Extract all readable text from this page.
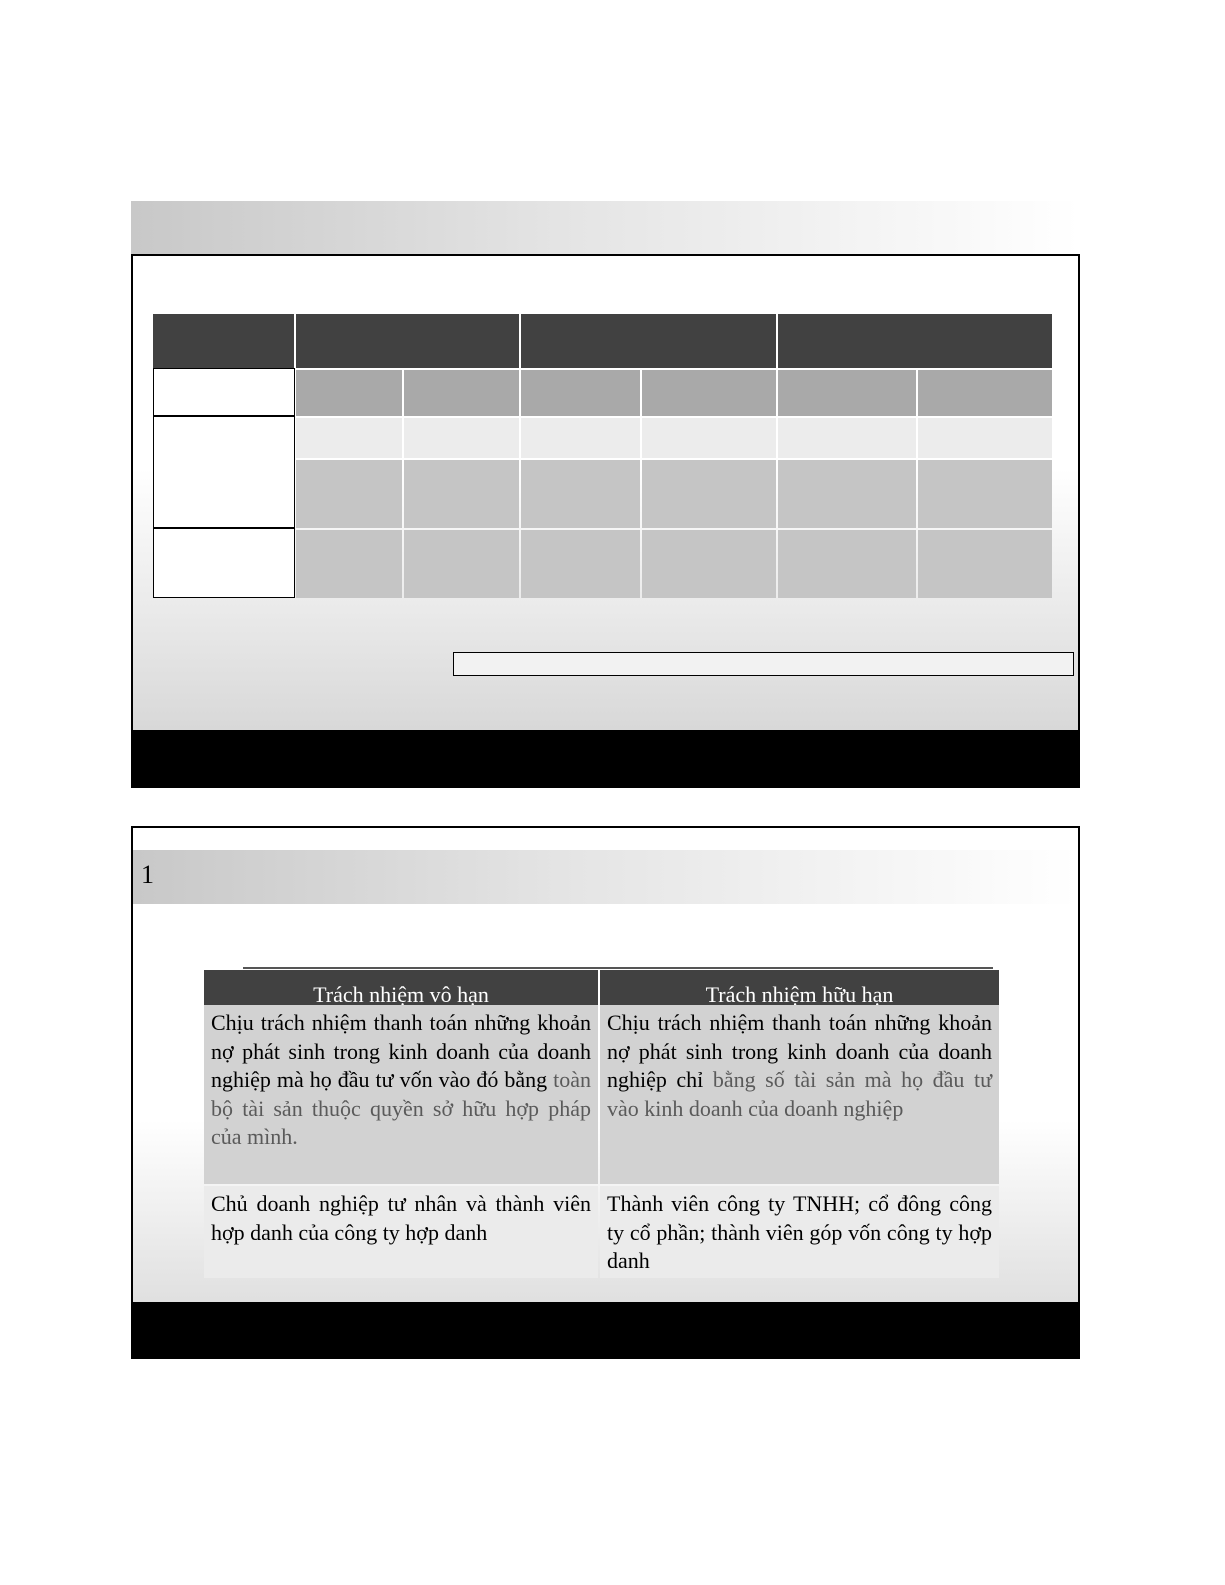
1
Trách nhiệm vô hạn	Trách nhiệm hữu hạn
Chịu trách nhiệm thanh toán những khoản nợ phát sinh trong kinh doanh của doanh nghiệp mà họ đầu tư vốn vào đó bằng toàn bộ tài sản thuộc quyền sở hữu hợp pháp của mình.
Chịu trách nhiệm thanh toán những khoản nợ phát sinh trong kinh doanh của doanh nghiệp chỉ bằng số tài sản mà họ đầu tư vào kinh doanh của doanh nghiệp
Chủ doanh nghiệp tư nhân và thành viên hợp danh của công ty hợp danh
Thành viên công ty TNHH; cổ đông công ty cổ phần; thành viên góp vốn công ty hợp danh
